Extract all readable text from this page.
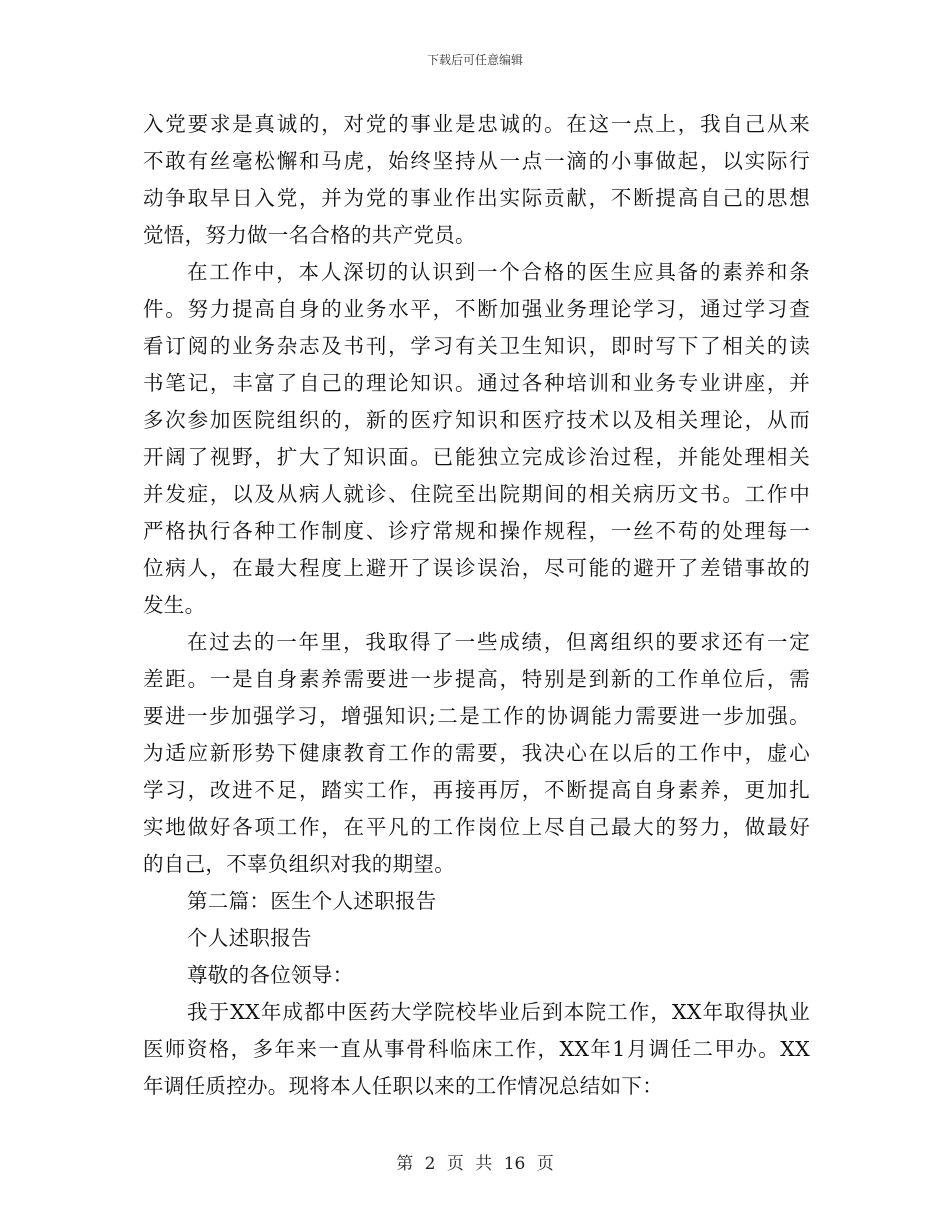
下载后可任意编辑
入党要求是真诚的，对党的事业是忠诚的。在这一点上，我自己从来
不敢有丝毫松懈和马虎，始终坚持从一点一滴的小事做起，以实际行
动争取早日入党，并为党的事业作出实际贡献，不断提高自己的思想
觉悟，努力做一名合格的共产党员。
在工作中，本人深切的认识到一个合格的医生应具备的素养和条
件。努力提高自身的业务水平，不断加强业务理论学习，通过学习查
看订阅的业务杂志及书刊，学习有关卫生知识，即时写下了相关的读
书笔记，丰富了自己的理论知识。通过各种培训和业务专业讲座，并
多次参加医院组织的，新的医疗知识和医疗技术以及相关理论，从而
开阔了视野，扩大了知识面。已能独立完成诊治过程，并能处理相关
并发症，以及从病人就诊、住院至出院期间的相关病历文书。工作中
严格执行各种工作制度、诊疗常规和操作规程，一丝不苟的处理每一
位病人，在最大程度上避开了误诊误治，尽可能的避开了差错事故的
发生。
在过去的一年里，我取得了一些成绩，但离组织的要求还有一定
差距。一是自身素养需要进一步提高，特别是到新的工作单位后，需
要进一步加强学习，增强知识;二是工作的协调能力需要进一步加强。
为适应新形势下健康教育工作的需要，我决心在以后的工作中，虚心
学习，改进不足，踏实工作，再接再厉，不断提高自身素养，更加扎
实地做好各项工作，在平凡的工作岗位上尽自己最大的努力，做最好
的自己，不辜负组织对我的期望。
第二篇：医生个人述职报告
个人述职报告
尊敬的各位领导：
我于XX年成都中医药大学院校毕业后到本院工作，XX年取得执业
医师资格，多年来一直从事骨科临床工作，XX年1月调任二甲办。XX
年调任质控办。现将本人任职以来的工作情况总结如下：
第 2 页 共 16 页
